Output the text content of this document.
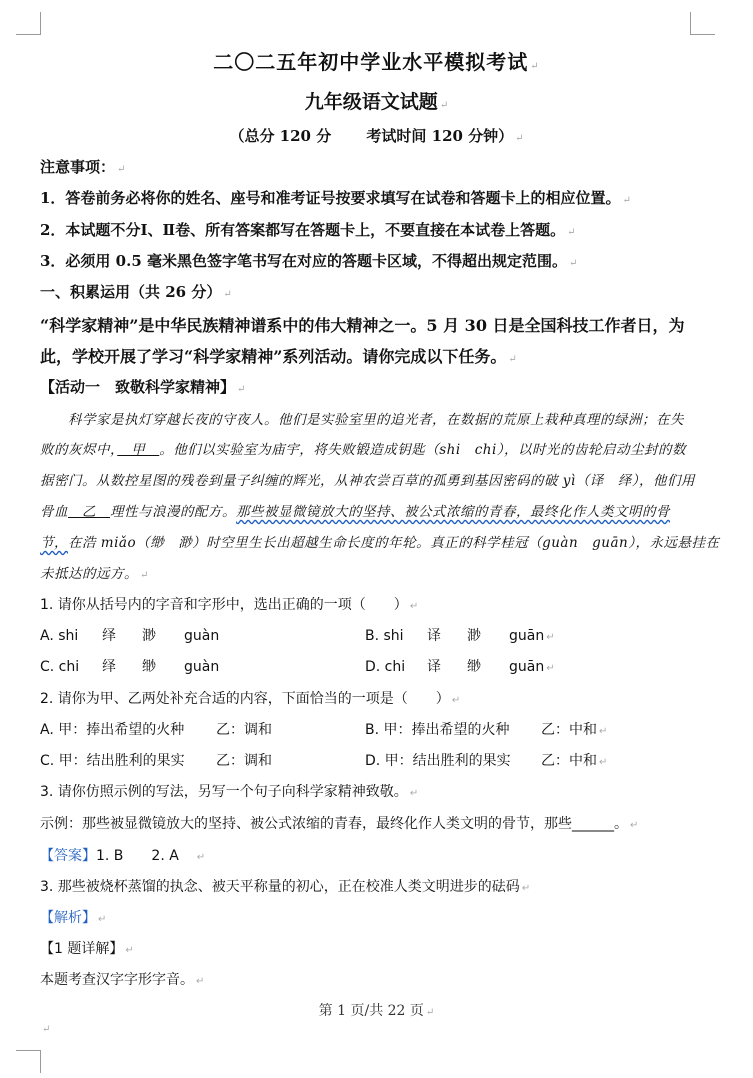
二〇二五年初中学业水平模拟考试 ↵
九年级语文试题 ↵
（总分 120 分　　 考试时间 120 分钟） ↵
注意事项： ↵
1．答卷前务必将你的姓名、座号和准考证号按要求填写在试卷和答题卡上的相应位置。 ↵
2．本试题不分Ⅰ、Ⅱ卷、所有答案都写在答题卡上，不要直接在本试卷上答题。 ↵
3．必须用 0.5 毫米黑色签字笔书写在对应的答题卡区域，不得超出规定范围。 ↵
一、积累运用（共 26 分） ↵
“科学家精神”是中华民族精神谱系中的伟大精神之一。5 月 30 日是全国科技工作者日，为
此，学校开展了学习“科学家精神”系列活动。请你完成以下任务。 ↵
【活动一　致敬科学家精神】 ↵
科学家是执灯穿越长夜的守夜人。他们是实验室里的追光者，在数据的荒原上栽种真理的绿洲；在失
败的灰烬中，　甲　。他们以实验室为庙宇，将失败锻造成钥匙（shi　chi），以时光的齿轮启动尘封的数
据密门。从数控星图的残卷到量子纠缠的辉光，从神农尝百草的孤勇到基因密码的破 yì（译　绎），他们用
骨血　乙　理性与浪漫的配方。那些被显微镜放大的坚持、被公式浓缩的青春，最终化作人类文明的骨
节，在浩 miǎo（缈　渺）时空里生长出超越生命长度的年轮。真正的科学桂冠（guàn　guān），永远悬挂在
未抵达的远方。 ↵
1. 请你从括号内的字音和字形中，选出正确的一项（　　） ↵
A. shi 绎 渺 guàn	B. shi 译 渺 guān ↵
C. chi 绎 缈 guàn	D. chi 译 缈 guān ↵
2. 请你为甲、乙两处补充合适的内容，下面恰当的一项是（　　） ↵
A. 甲：捧出希望的火种 乙：调和	B. 甲：捧出希望的火种 乙：中和 ↵
C. 甲：结出胜利的果实 乙：调和	D. 甲：结出胜利的果实 乙：中和 ↵
3. 请你仿照示例的写法，另写一个句子向科学家精神致敬。 ↵
示例：那些被显微镜放大的坚持、被公式浓缩的青春，最终化作人类文明的骨节，那些______。 ↵
【答案】1. B　　2. A ↵
3. 那些被烧杯蒸馏的执念、被天平称量的初心，正在校准人类文明进步的砝码 ↵
【解析】 ↵
【1 题详解】 ↵
本题考查汉字字形字音。 ↵
第 1 页/共 22 页 ↵
↵
